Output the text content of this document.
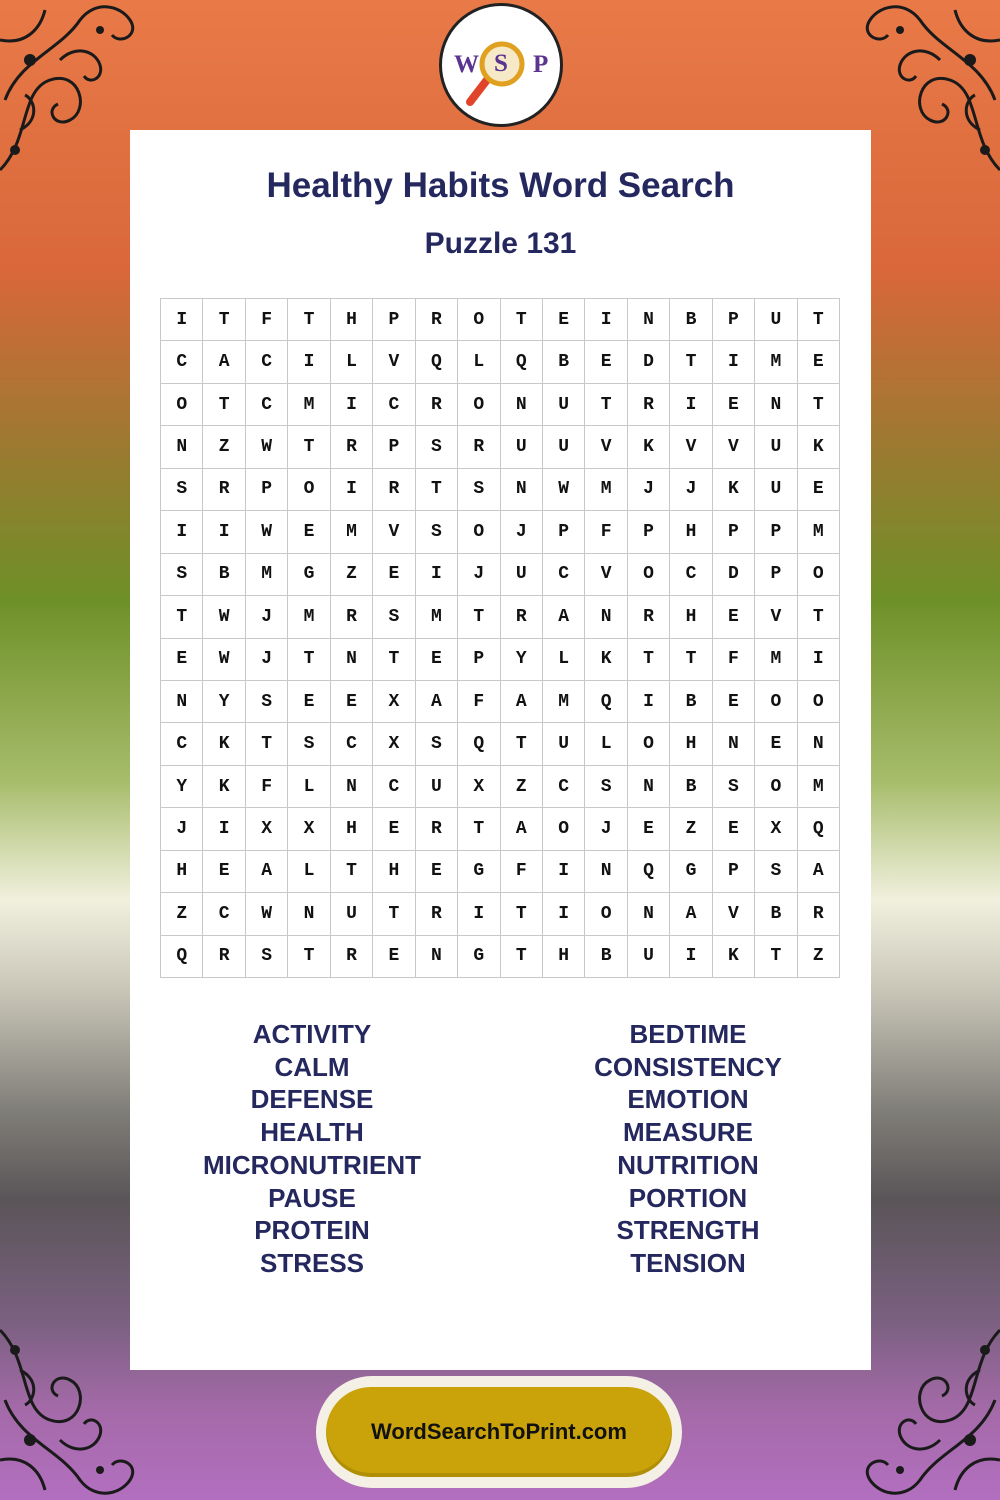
W S P
Healthy Habits Word Search
Puzzle 131
I	T	F	T	H	P	R	O	T	E	I	N	B	P	U	T
C	A	C	I	L	V	Q	L	Q	B	E	D	T	I	M	E
O	T	C	M	I	C	R	O	N	U	T	R	I	E	N	T
N	Z	W	T	R	P	S	R	U	U	V	K	V	V	U	K
S	R	P	O	I	R	T	S	N	W	M	J	J	K	U	E
I	I	W	E	M	V	S	O	J	P	F	P	H	P	P	M
S	B	M	G	Z	E	I	J	U	C	V	O	C	D	P	O
T	W	J	M	R	S	M	T	R	A	N	R	H	E	V	T
E	W	J	T	N	T	E	P	Y	L	K	T	T	F	M	I
N	Y	S	E	E	X	A	F	A	M	Q	I	B	E	O	O
C	K	T	S	C	X	S	Q	T	U	L	O	H	N	E	N
Y	K	F	L	N	C	U	X	Z	C	S	N	B	S	O	M
J	I	X	X	H	E	R	T	A	O	J	E	Z	E	X	Q
H	E	A	L	T	H	E	G	F	I	N	Q	G	P	S	A
Z	C	W	N	U	T	R	I	T	I	O	N	A	V	B	R
Q	R	S	T	R	E	N	G	T	H	B	U	I	K	T	Z
ACTIVITY
CALM
DEFENSE
HEALTH
MICRONUTRIENT
PAUSE
PROTEIN
STRESS
BEDTIME
CONSISTENCY
EMOTION
MEASURE
NUTRITION
PORTION
STRENGTH
TENSION
WordSearchToPrint.com
